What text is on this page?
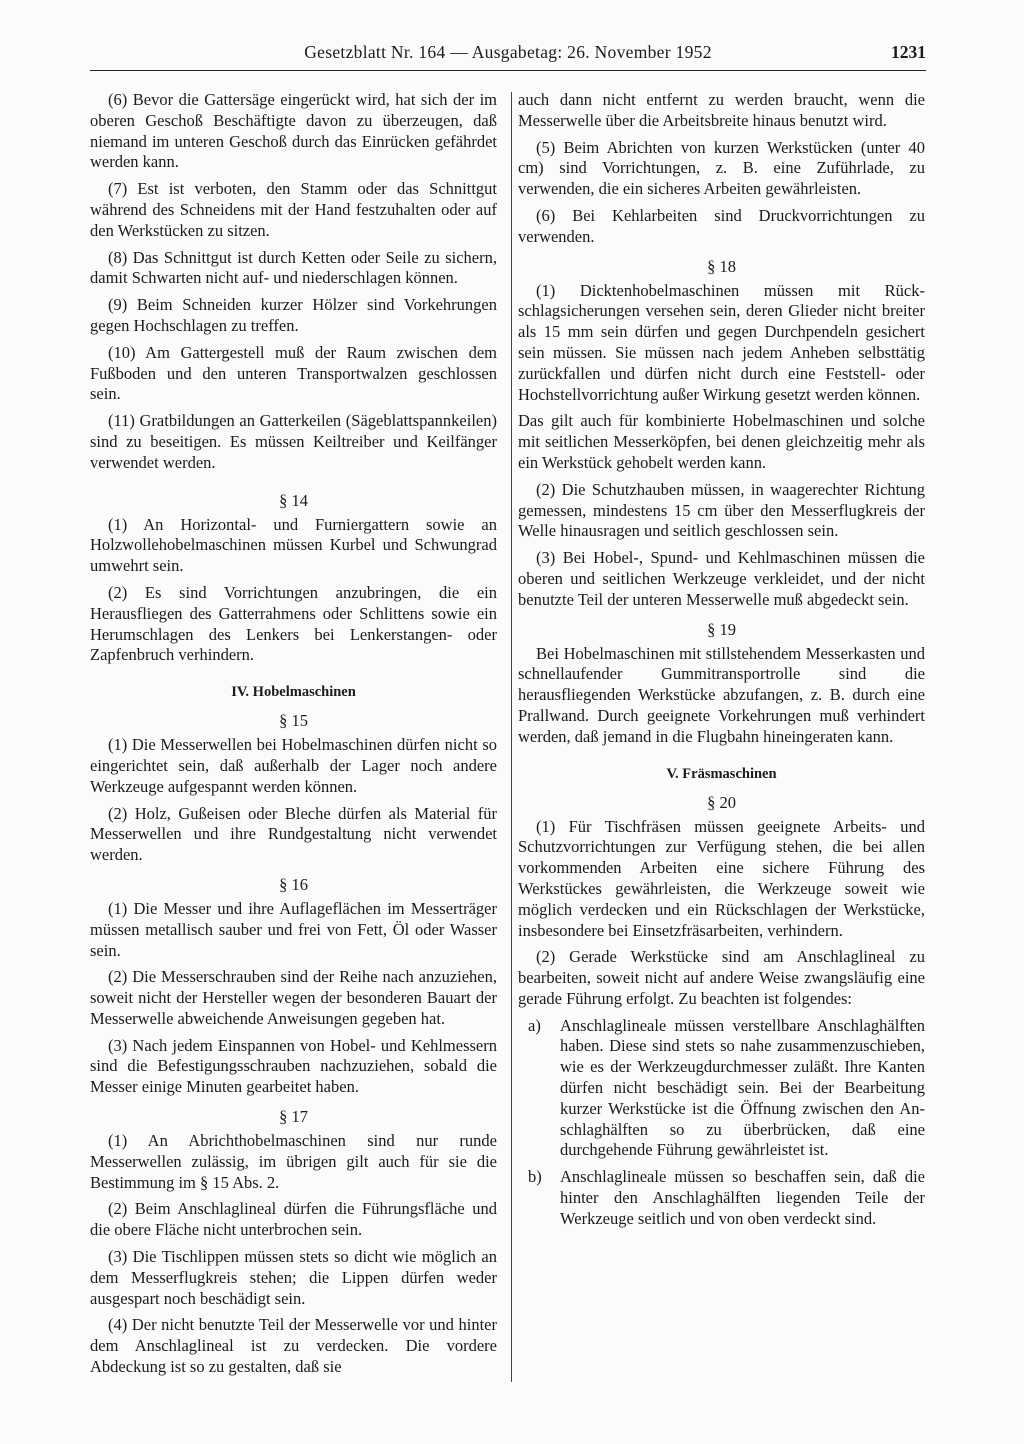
Gesetzblatt Nr. 164 — Ausgabetag: 26. November 1952	1231

(6) Bevor die Gattersäge eingerückt wird, hat sich der im oberen Geschoß Beschäftigte davon zu überzeugen, daß niemand im unteren Geschoß durch das Einrücken gefährdet werden kann.

(7) Est ist verboten, den Stamm oder das Schnittgut während des Schneidens mit der Hand festzuhalten oder auf den Werkstücken zu sitzen.

(8) Das Schnittgut ist durch Ketten oder Seile zu sichern, damit Schwarten nicht auf- und niederschlagen können.

(9) Beim Schneiden kurzer Hölzer sind Vorkehrungen gegen Hochschlagen zu treffen.

(10) Am Gattergestell muß der Raum zwischen dem Fußboden und den unteren Transportwalzen geschlossen sein.

(11) Gratbildungen an Gatterkeilen (Sägeblattspannkeilen) sind zu beseitigen. Es müssen Keiltreiber und Keilfänger verwendet werden.

§ 14

(1) An Horizontal- und Furniergattern sowie an Holzwollehobelmaschinen müssen Kurbel und Schwungrad umwehrt sein.

(2) Es sind Vorrichtungen anzubringen, die ein Herausfliegen des Gatterrahmens oder Schlittens sowie ein Herumschlagen des Lenkers bei Lenkerstangen- oder Zapfenbruch verhindern.

IV. Hobelmaschinen
§ 15

(1) Die Messerwellen bei Hobelmaschinen dürfen nicht so eingerichtet sein, daß außerhalb der Lager noch andere Werkzeuge aufgespannt werden können.

(2) Holz, Gußeisen oder Bleche dürfen als Material für Messerwellen und ihre Rundgestaltung nicht verwendet werden.

§ 16

(1) Die Messer und ihre Auflageflächen im Messerträger müssen metallisch sauber und frei von Fett, Öl oder Wasser sein.

(2) Die Messerschrauben sind der Reihe nach anzuziehen, soweit nicht der Hersteller wegen der besonderen Bauart der Messerwelle abweichende Anweisungen gegeben hat.

(3) Nach jedem Einspannen von Hobel- und Kehlmessern sind die Befestigungsschrauben nachzuziehen, sobald die Messer einige Minuten gearbeitet haben.

§ 17

(1) An Abrichthobelmaschinen sind nur runde Messerwellen zulässig, im übrigen gilt auch für sie die Bestimmung im § 15 Abs. 2.

(2) Beim Anschlaglineal dürfen die Führungsfläche und die obere Fläche nicht unterbrochen sein.

(3) Die Tischlippen müssen stets so dicht wie möglich an dem Messerflugkreis stehen; die Lippen dürfen weder ausgespart noch beschädigt sein.

(4) Der nicht benutzte Teil der Messerwelle vor und hinter dem Anschlaglineal ist zu verdecken. Die vordere Abdeckung ist so zu gestalten, daß sie

auch dann nicht entfernt zu werden braucht, wenn die Messerwelle über die Arbeitsbreite hinaus benutzt wird.

(5) Beim Abrichten von kurzen Werkstücken (unter 40 cm) sind Vorrichtungen, z. B. eine Zuführlade, zu verwenden, die ein sicheres Arbeiten gewährleisten.

(6) Bei Kehlarbeiten sind Druckvorrichtungen zu verwenden.

§ 18

(1) Dicktenhobelmaschinen müssen mit Rückschlagsicherungen versehen sein, deren Glieder nicht breiter als 15 mm sein dürfen und gegen Durchpendeln gesichert sein müssen. Sie müssen nach jedem Anheben selbsttätig zurückfallen und dürfen nicht durch eine Feststell- oder Hochstellvorrichtung außer Wirkung gesetzt werden können.

Das gilt auch für kombinierte Hobelmaschinen und solche mit seitlichen Messerköpfen, bei denen gleichzeitig mehr als ein Werkstück gehobelt werden kann.

(2) Die Schutzhauben müssen, in waagerechter Richtung gemessen, mindestens 15 cm über den Messerflugkreis der Welle hinausragen und seitlich geschlossen sein.

(3) Bei Hobel-, Spund- und Kehlmaschinen müssen die oberen und seitlichen Werkzeuge verkleidet, und der nicht benutzte Teil der unteren Messerwelle muß abgedeckt sein.

§ 19

Bei Hobelmaschinen mit stillstehendem Messerkasten und schnellaufender Gummitransportrolle sind die herausfliegenden Werkstücke abzufangen, z. B. durch eine Prallwand. Durch geeignete Vorkehrungen muß verhindert werden, daß jemand in die Flugbahn hineingeraten kann.

V. Fräsmaschinen
§ 20

(1) Für Tischfräsen müssen geeignete Arbeits- und Schutzvorrichtungen zur Verfügung stehen, die bei allen vorkommenden Arbeiten eine sichere Führung des Werkstückes gewährleisten, die Werkzeuge soweit wie möglich verdecken und ein Rückschlagen der Werkstücke, insbesondere bei Einsetzfräsarbeiten, verhindern.

(2) Gerade Werkstücke sind am Anschlaglineal zu bearbeiten, soweit nicht auf andere Weise zwangsläufig eine gerade Führung erfolgt. Zu beachten ist folgendes:

a) Anschlaglineale müssen verstellbare Anschlaghälften haben. Diese sind stets so nahe zusammenzuschieben, wie es der Werkzeugdurchmesser zuläßt. Ihre Kanten dürfen nicht beschädigt sein. Bei der Bearbeitung kurzer Werkstücke ist die Öffnung zwischen den Anschlaghälften so zu überbrücken, daß eine durchgehende Führung gewährleistet ist.

b) Anschlaglineale müssen so beschaffen sein, daß die hinter den Anschlaghälften liegenden Teile der Werkzeuge seitlich und von oben verdeckt sind.
